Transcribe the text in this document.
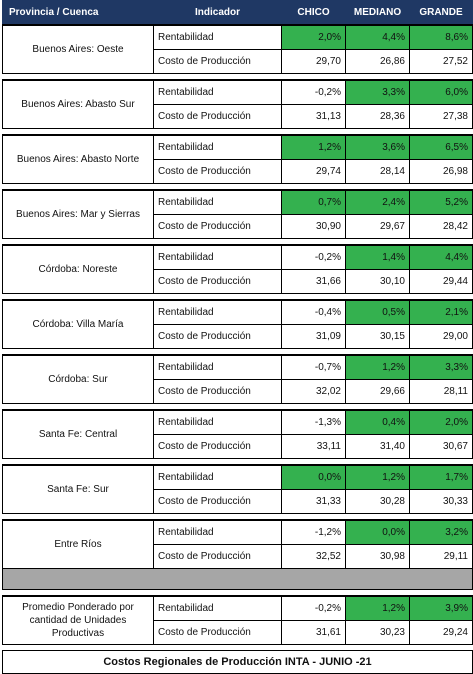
Provincia / Cuenca	Indicador	CHICO	MEDIANO	GRANDE
Buenos Aires: Oeste	Rentabilidad	2,0%	4,4%	8,6%
	Costo de Producción	29,70	26,86	27,52

Buenos Aires: Abasto Sur	Rentabilidad	-0,2%	3,3%	6,0%
	Costo de Producción	31,13	28,36	27,38

Buenos Aires: Abasto Norte	Rentabilidad	1,2%	3,6%	6,5%
	Costo de Producción	29,74	28,14	26,98

Buenos Aires: Mar y Sierras	Rentabilidad	0,7%	2,4%	5,2%
	Costo de Producción	30,90	29,67	28,42

Córdoba: Noreste	Rentabilidad	-0,2%	1,4%	4,4%
	Costo de Producción	31,66	30,10	29,44

Córdoba: Villa María	Rentabilidad	-0,4%	0,5%	2,1%
	Costo de Producción	31,09	30,15	29,00

Córdoba: Sur	Rentabilidad	-0,7%	1,2%	3,3%
	Costo de Producción	32,02	29,66	28,11

Santa Fe: Central	Rentabilidad	-1,3%	0,4%	2,0%
	Costo de Producción	33,11	31,40	30,67

Santa Fe: Sur	Rentabilidad	0,0%	1,2%	1,7%
	Costo de Producción	31,33	30,28	30,33

Entre Ríos	Rentabilidad	-1,2%	0,0%	3,2%
	Costo de Producción	32,52	30,98	29,11

Promedio Ponderado por cantidad de Unidades Productivas	Rentabilidad	-0,2%	1,2%	3,9%
	Costo de Producción	31,61	30,23	29,24

Costos Regionales de Producción INTA - JUNIO -21				
